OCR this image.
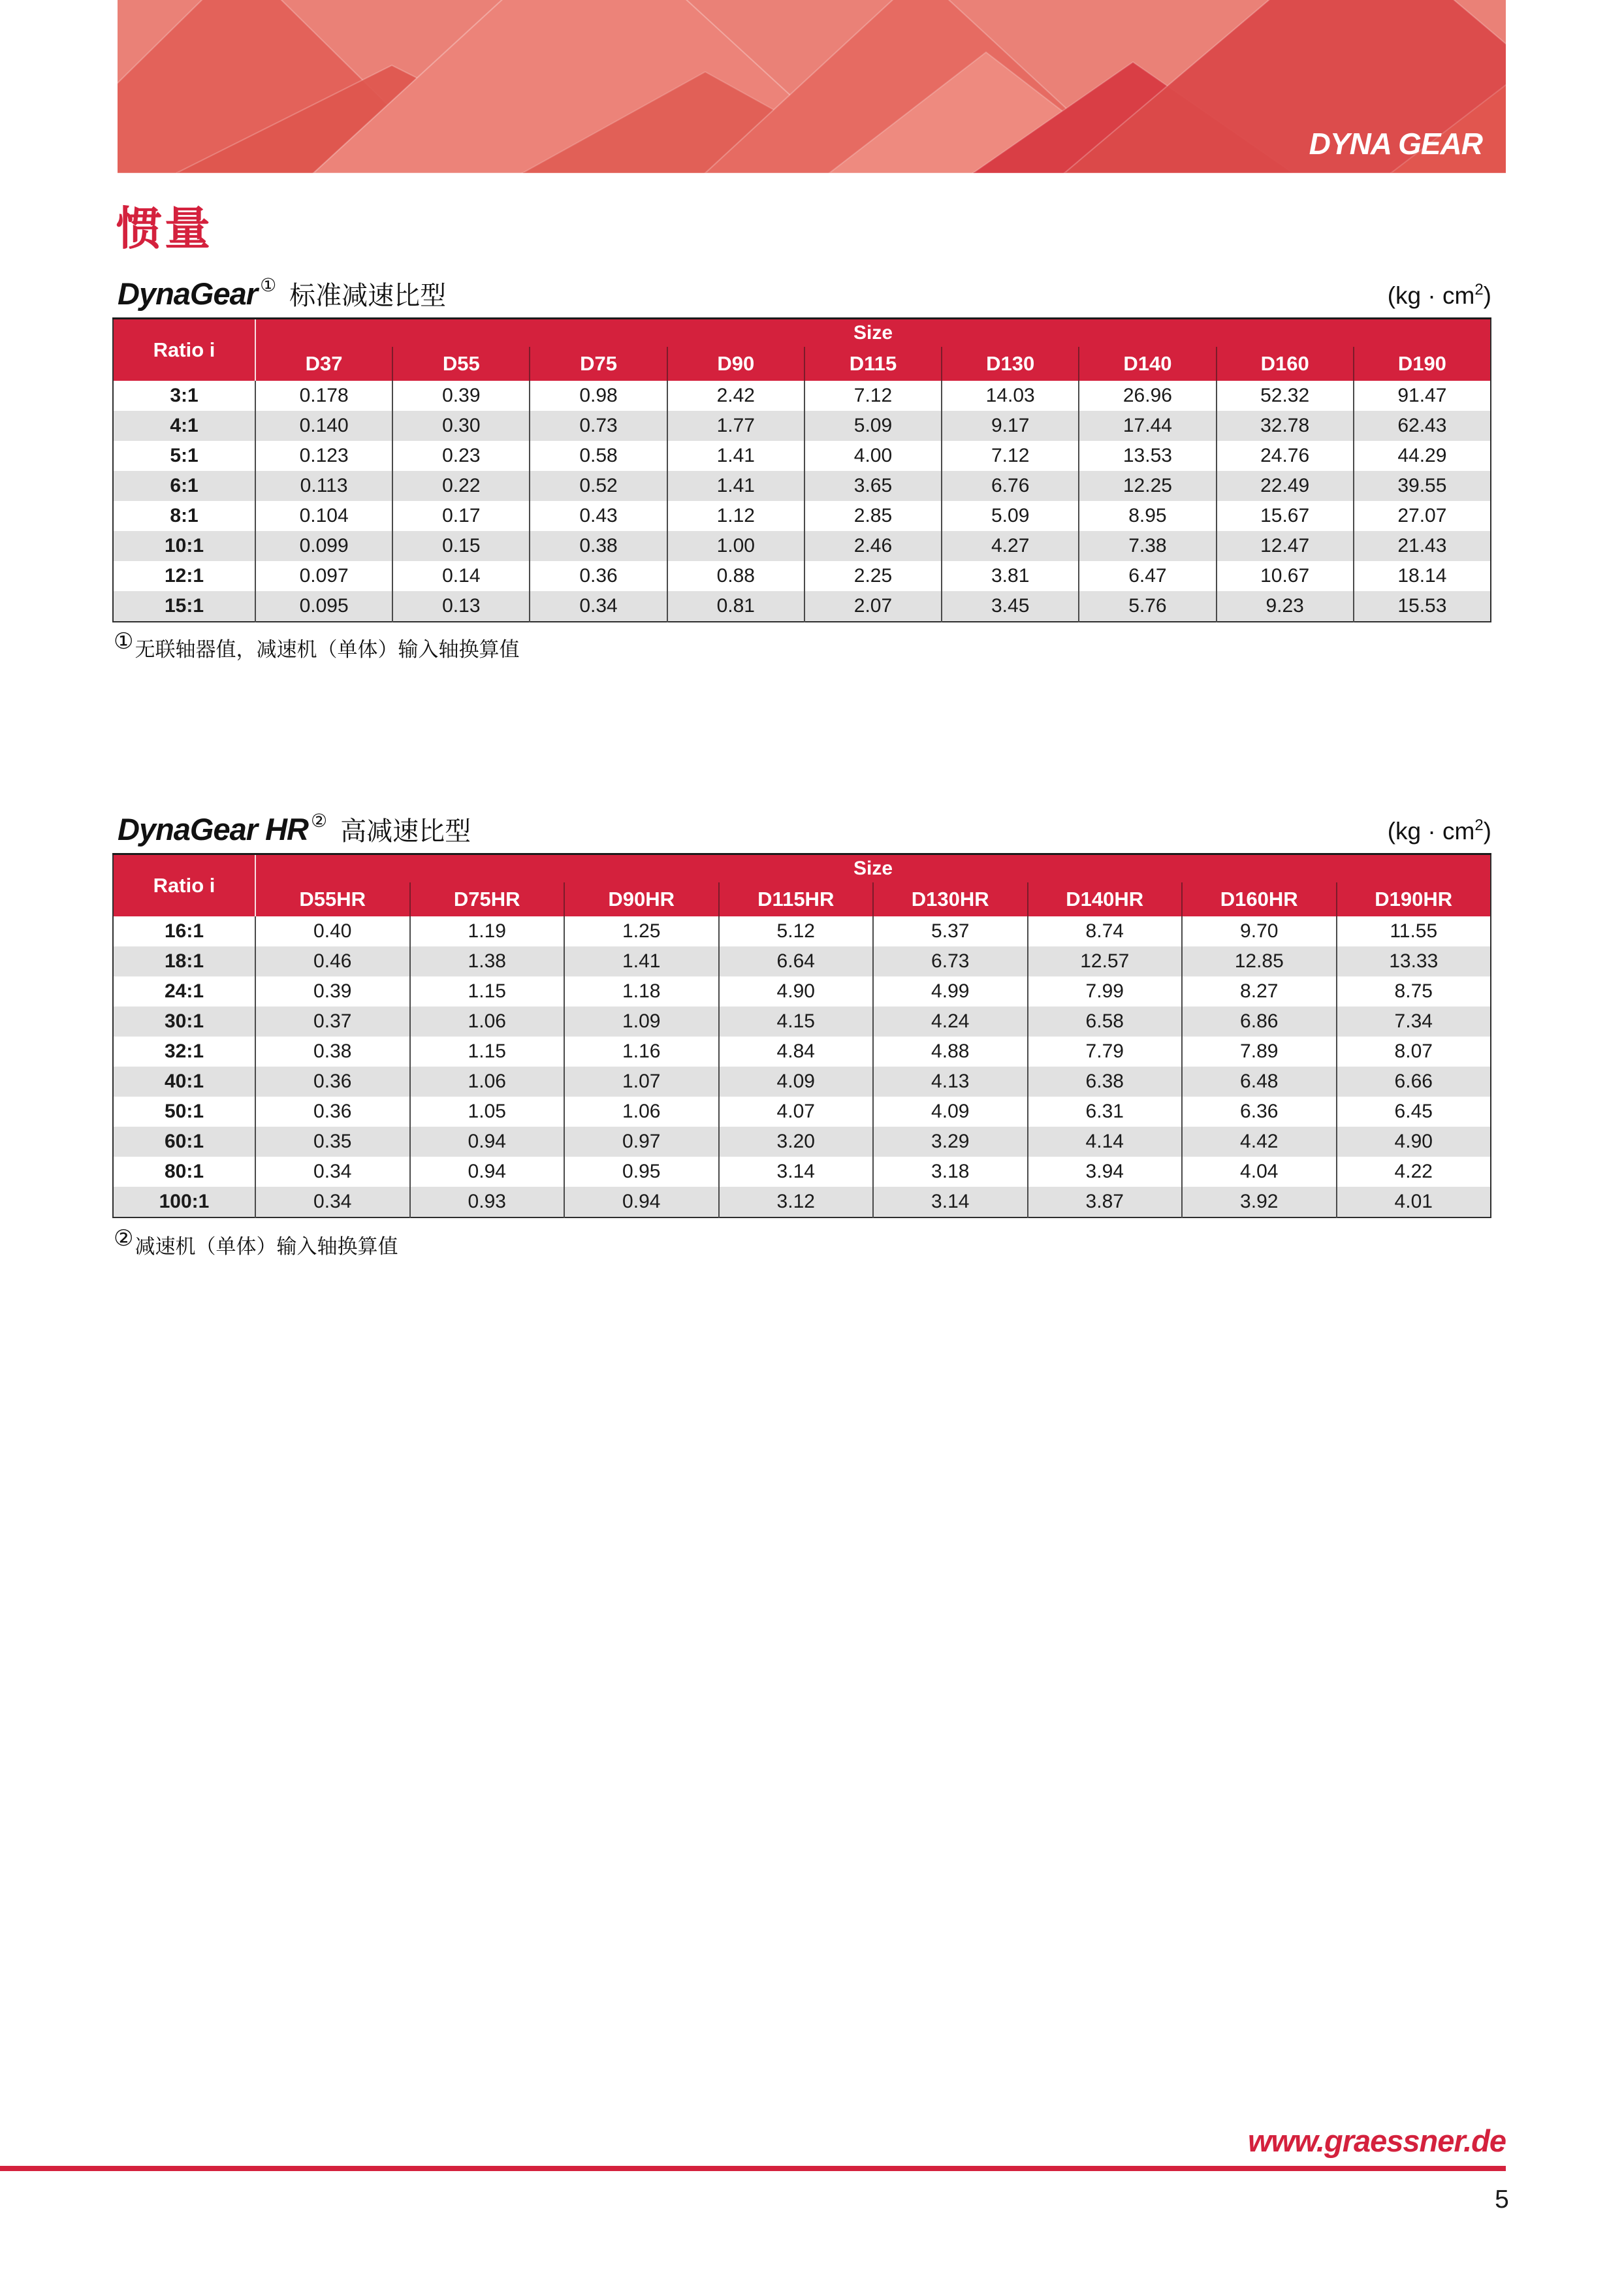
DYNA GEAR
惯量
DynaGear ① 标准减速比型	$(kg \cdot cm^2)$
Ratio i	Size								
	D37	D55	D75	D90	D115	D130	D140	D160	D190
3:1	0.178	0.39	0.98	2.42	7.12	14.03	26.96	52.32	91.47
4:1	0.140	0.30	0.73	1.77	5.09	9.17	17.44	32.78	62.43
5:1	0.123	0.23	0.58	1.41	4.00	7.12	13.53	24.76	44.29
6:1	0.113	0.22	0.52	1.41	3.65	6.76	12.25	22.49	39.55
8:1	0.104	0.17	0.43	1.12	2.85	5.09	8.95	15.67	27.07
10:1	0.099	0.15	0.38	1.00	2.46	4.27	7.38	12.47	21.43
12:1	0.097	0.14	0.36	0.88	2.25	3.81	6.47	10.67	18.14
15:1	0.095	0.13	0.34	0.81	2.07	3.45	5.76	9.23	15.53
①无联轴器值，减速机（单体）输入轴换算值
DynaGear HR ② 高减速比型	$(kg \cdot cm^2)$
Ratio i	Size							
	D55HR	D75HR	D90HR	D115HR	D130HR	D140HR	D160HR	D190HR
16:1	0.40	1.19	1.25	5.12	5.37	8.74	9.70	11.55
18:1	0.46	1.38	1.41	6.64	6.73	12.57	12.85	13.33
24:1	0.39	1.15	1.18	4.90	4.99	7.99	8.27	8.75
30:1	0.37	1.06	1.09	4.15	4.24	6.58	6.86	7.34
32:1	0.38	1.15	1.16	4.84	4.88	7.79	7.89	8.07
40:1	0.36	1.06	1.07	4.09	4.13	6.38	6.48	6.66
50:1	0.36	1.05	1.06	4.07	4.09	6.31	6.36	6.45
60:1	0.35	0.94	0.97	3.20	3.29	4.14	4.42	4.90
80:1	0.34	0.94	0.95	3.14	3.18	3.94	4.04	4.22
100:1	0.34	0.93	0.94	3.12	3.14	3.87	3.92	4.01
②减速机（单体）输入轴换算值
www.graessner.de
5
